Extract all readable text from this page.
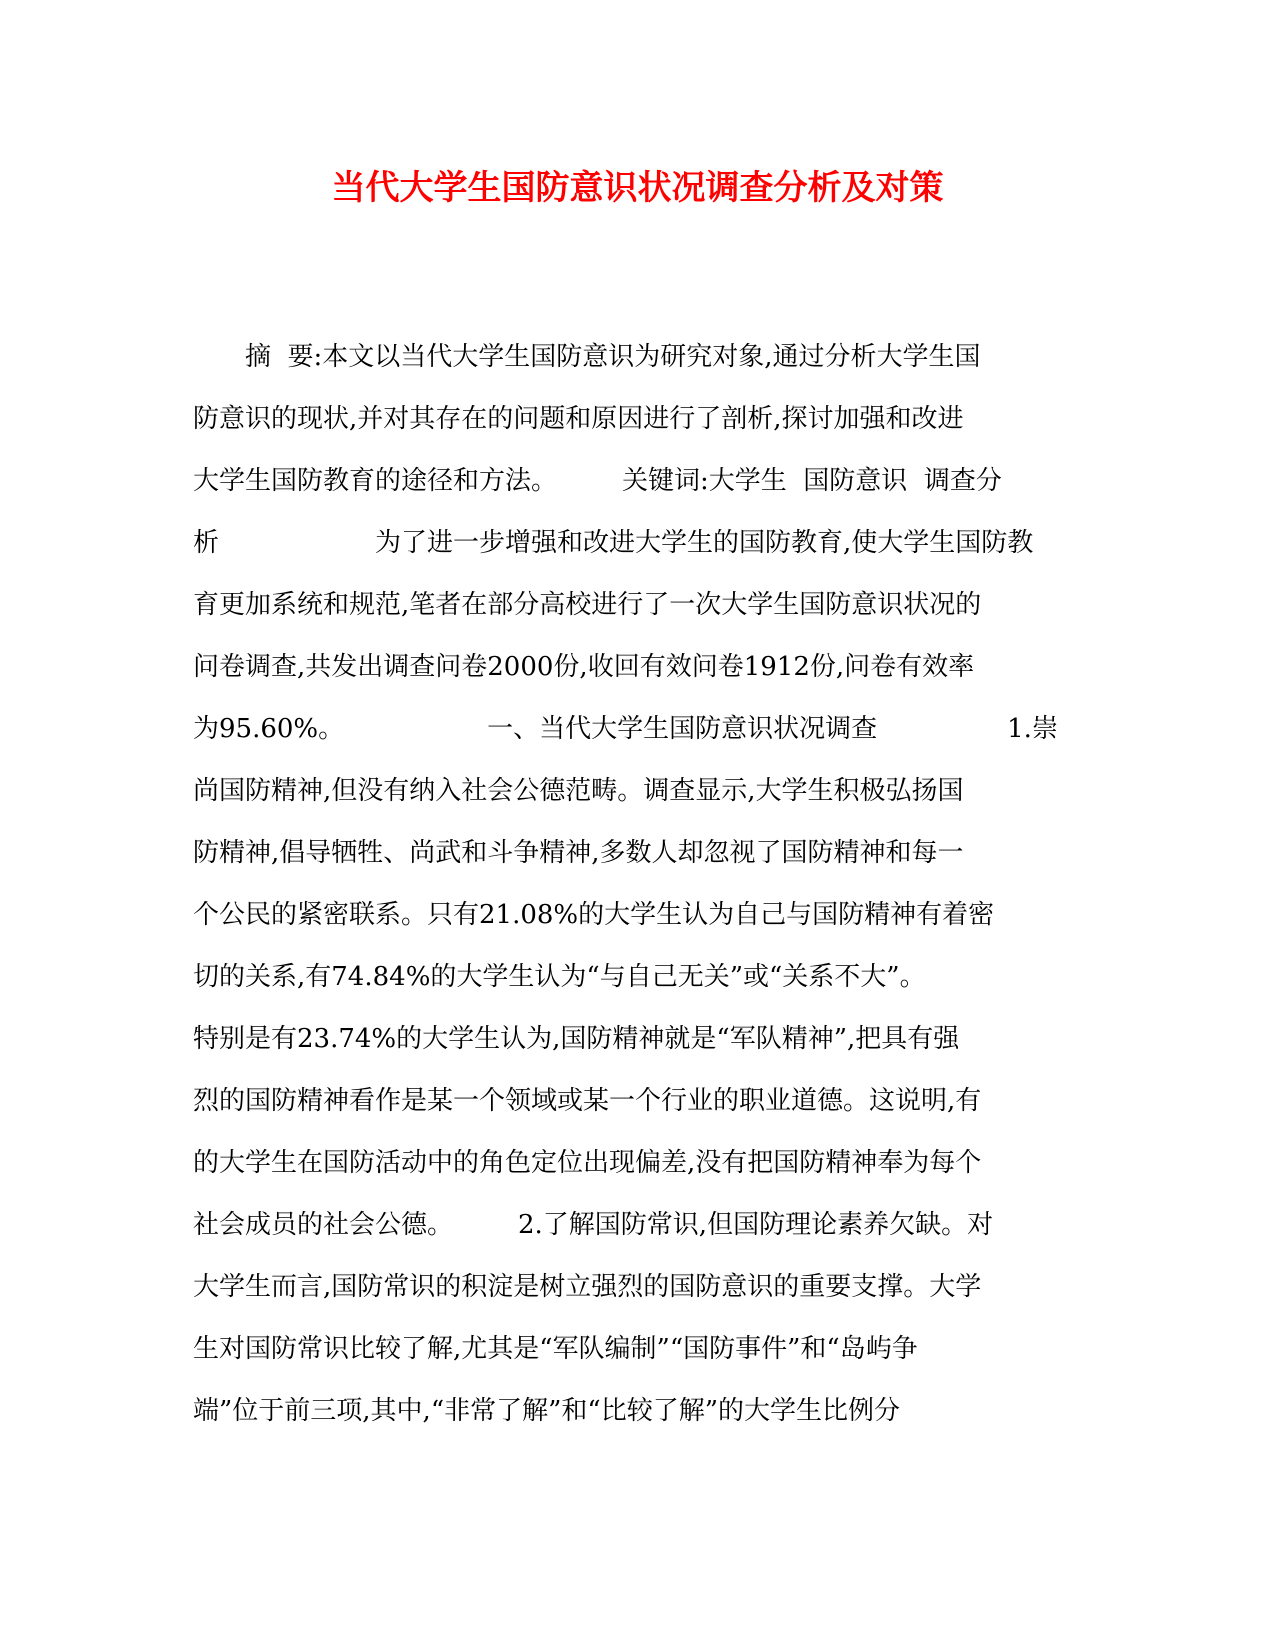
当代大学生国防意识状况调查分析及对策
　　摘  要:本文以当代大学生国防意识为研究对象,通过分析大学生国
防意识的现状,并对其存在的问题和原因进行了剖析,探讨加强和改进
大学生国防教育的途径和方法。　　　关键词:大学生  国防意识  调查分
析　　　　　　为了进一步增强和改进大学生的国防教育,使大学生国防教
育更加系统和规范,笔者在部分高校进行了一次大学生国防意识状况的
问卷调查,共发出调查问卷2000份,收回有效问卷1912份,问卷有效率
为95.60%。　　　　　　一、当代大学生国防意识状况调查　　　　　1.崇
尚国防精神,但没有纳入社会公德范畴。调查显示,大学生积极弘扬国
防精神,倡导牺牲、尚武和斗争精神,多数人却忽视了国防精神和每一
个公民的紧密联系。只有21.08%的大学生认为自己与国防精神有着密
切的关系,有74.84%的大学生认为“与自己无关”或“关系不大”。
特别是有23.74%的大学生认为,国防精神就是“军队精神”,把具有强
烈的国防精神看作是某一个领域或某一个行业的职业道德。这说明,有
的大学生在国防活动中的角色定位出现偏差,没有把国防精神奉为每个
社会成员的社会公德。　　　2.了解国防常识,但国防理论素养欠缺。对
大学生而言,国防常识的积淀是树立强烈的国防意识的重要支撑。大学
生对国防常识比较了解,尤其是“军队编制”“国防事件”和“岛屿争
端”位于前三项,其中,“非常了解”和“比较了解”的大学生比例分
